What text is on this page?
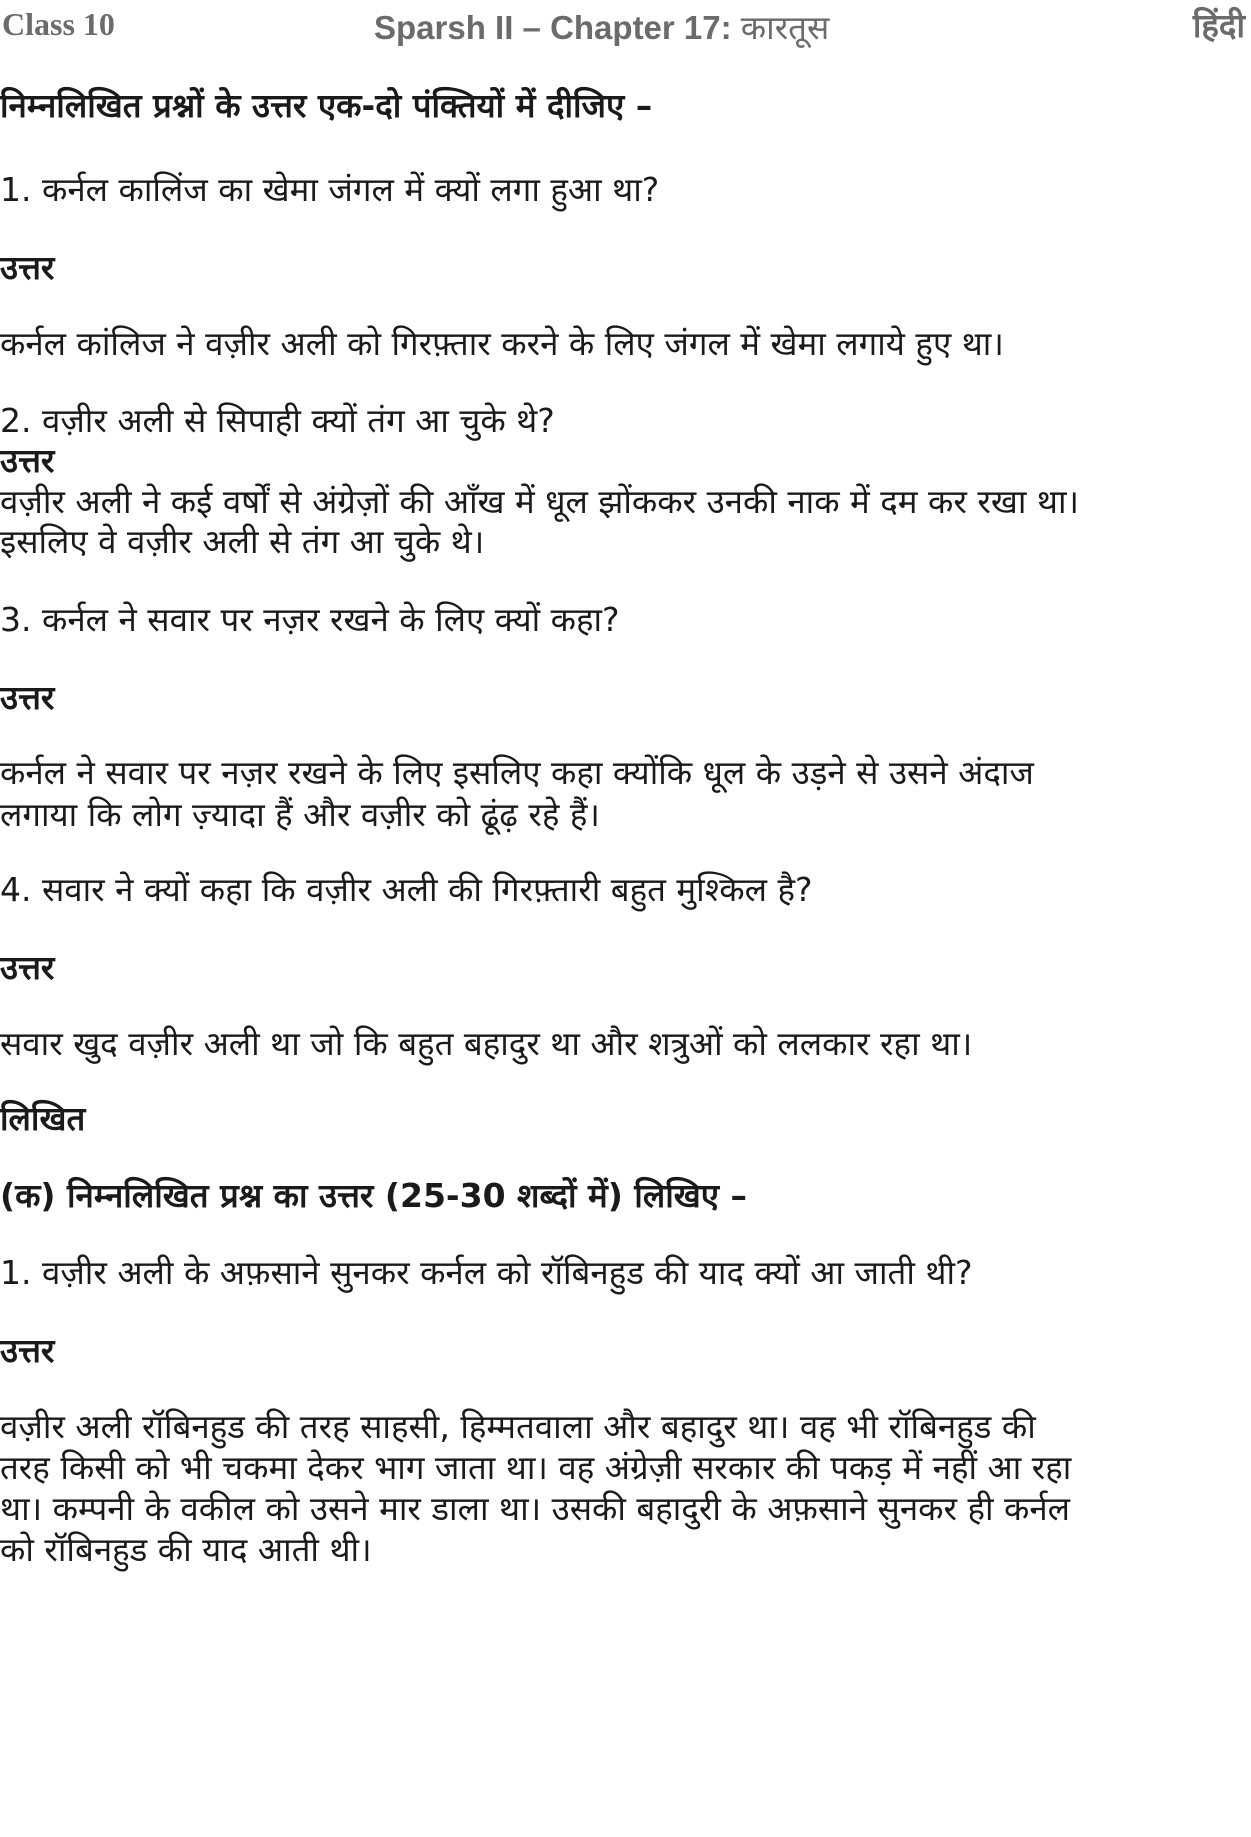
Class 10	Sparsh II – Chapter 17: कारतूस	हिंदी

निम्नलिखित प्रश्नों के उत्तर एक-दो पंक्तियों में दीजिए –

1. कर्नल कालिंज का खेमा जंगल में क्यों लगा हुआ था?

उत्तर

कर्नल कांलिज ने वज़ीर अली को गिरफ़्तार करने के लिए जंगल में खेमा लगाये हुए था।

2. वज़ीर अली से सिपाही क्यों तंग आ चुके थे?

उत्तर

वज़ीर अली ने कई वर्षों से अंग्रेज़ों की आँख में धूल झोंककर उनकी नाक में दम कर रखा था।

इसलिए वे वज़ीर अली से तंग आ चुके थे।

3. कर्नल ने सवार पर नज़र रखने के लिए क्यों कहा?

उत्तर

कर्नल ने सवार पर नज़र रखने के लिए इसलिए कहा क्योंकि धूल के उड़ने से उसने अंदाज

लगाया कि लोग ज़्यादा हैं और वज़ीर को ढूंढ़ रहे हैं।

4. सवार ने क्यों कहा कि वज़ीर अली की गिरफ़्तारी बहुत मुश्किल है?

उत्तर

सवार खुद वज़ीर अली था जो कि बहुत बहादुर था और शत्रुओं को ललकार रहा था।

लिखित

(क) निम्नलिखित प्रश्न का उत्तर (25-30 शब्दों में) लिखिए –

1. वज़ीर अली के अफ़साने सुनकर कर्नल को रॉबिनहुड की याद क्यों आ जाती थी?

उत्तर

वज़ीर अली रॉबिनहुड की तरह साहसी, हिम्मतवाला और बहादुर था। वह भी रॉबिनहुड की

तरह किसी को भी चकमा देकर भाग जाता था। वह अंग्रेज़ी सरकार की पकड़ में नहीं आ रहा

था। कम्पनी के वकील को उसने मार डाला था। उसकी बहादुरी के अफ़साने सुनकर ही कर्नल

को रॉबिनहुड की याद आती थी।
